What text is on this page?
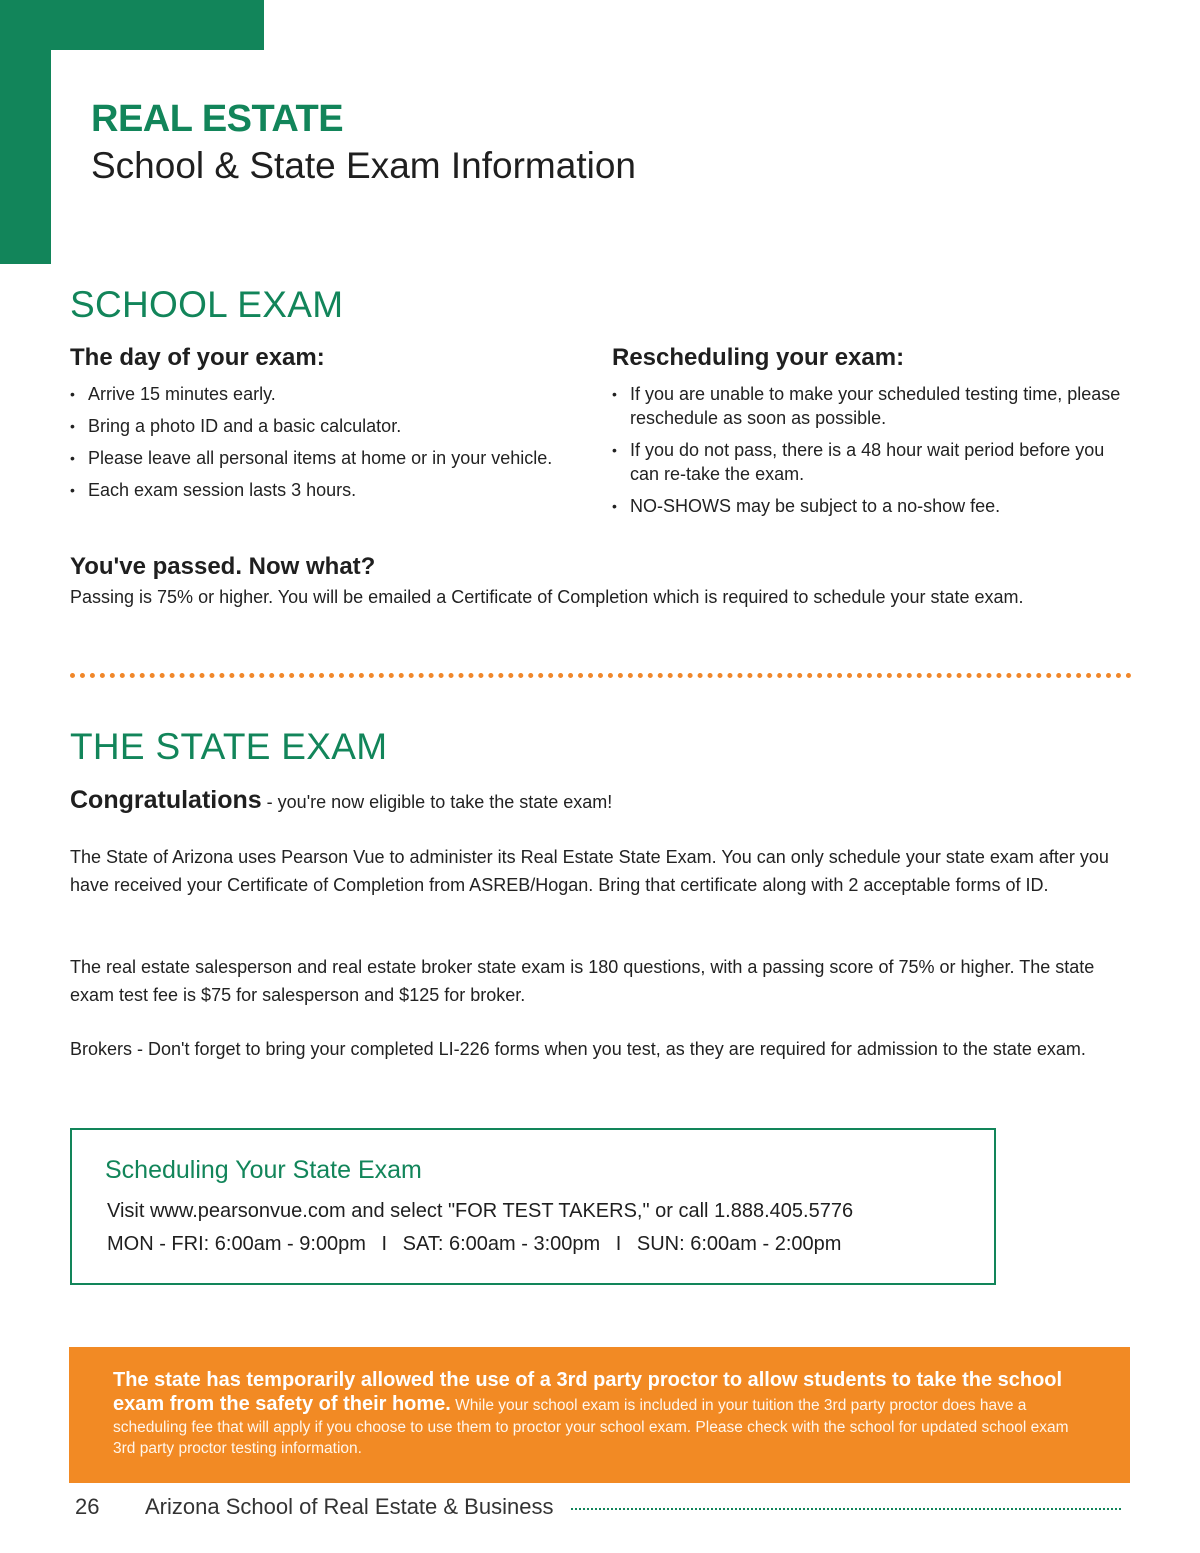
REAL ESTATE
School & State Exam Information
SCHOOL EXAM
The day of your exam:
• Arrive 15 minutes early.
• Bring a photo ID and a basic calculator.
• Please leave all personal items at home or in your vehicle.
• Each exam session lasts 3 hours.
Rescheduling your exam:
• If you are unable to make your scheduled testing time, please reschedule as soon as possible.
• If you do not pass, there is a 48 hour wait period before you can re-take the exam.
• NO-SHOWS may be subject to a no-show fee.
You've passed. Now what?

Passing is 75% or higher. You will be emailed a Certificate of Completion which is required to schedule your state exam.

THE STATE EXAM
Congratulations - you're now eligible to take the state exam!

The State of Arizona uses Pearson Vue to administer its Real Estate State Exam. You can only schedule your state exam after you have received your Certificate of Completion from ASREB/Hogan. Bring that certificate along with 2 acceptable forms of ID.

The real estate salesperson and real estate broker state exam is 180 questions, with a passing score of 75% or higher. The state exam test fee is $75 for salesperson and $125 for broker.

Brokers - Don't forget to bring your completed LI-226 forms when you test, as they are required for admission to the state exam.

Scheduling Your State Exam
Visit www.pearsonvue.com and select "FOR TEST TAKERS," or call 1.888.405.5776
MON - FRI: 6:00am - 9:00pm I SAT: 6:00am - 3:00pm I SUN: 6:00am - 2:00pm
The state has temporarily allowed the use of a 3rd party proctor to allow students to take the school exam from the safety of their home. While your school exam is included in your tuition the 3rd party proctor does have a scheduling fee that will apply if you choose to use them to proctor your school exam. Please check with the school for updated school exam 3rd party proctor testing information.
26 Arizona School of Real Estate & Business
